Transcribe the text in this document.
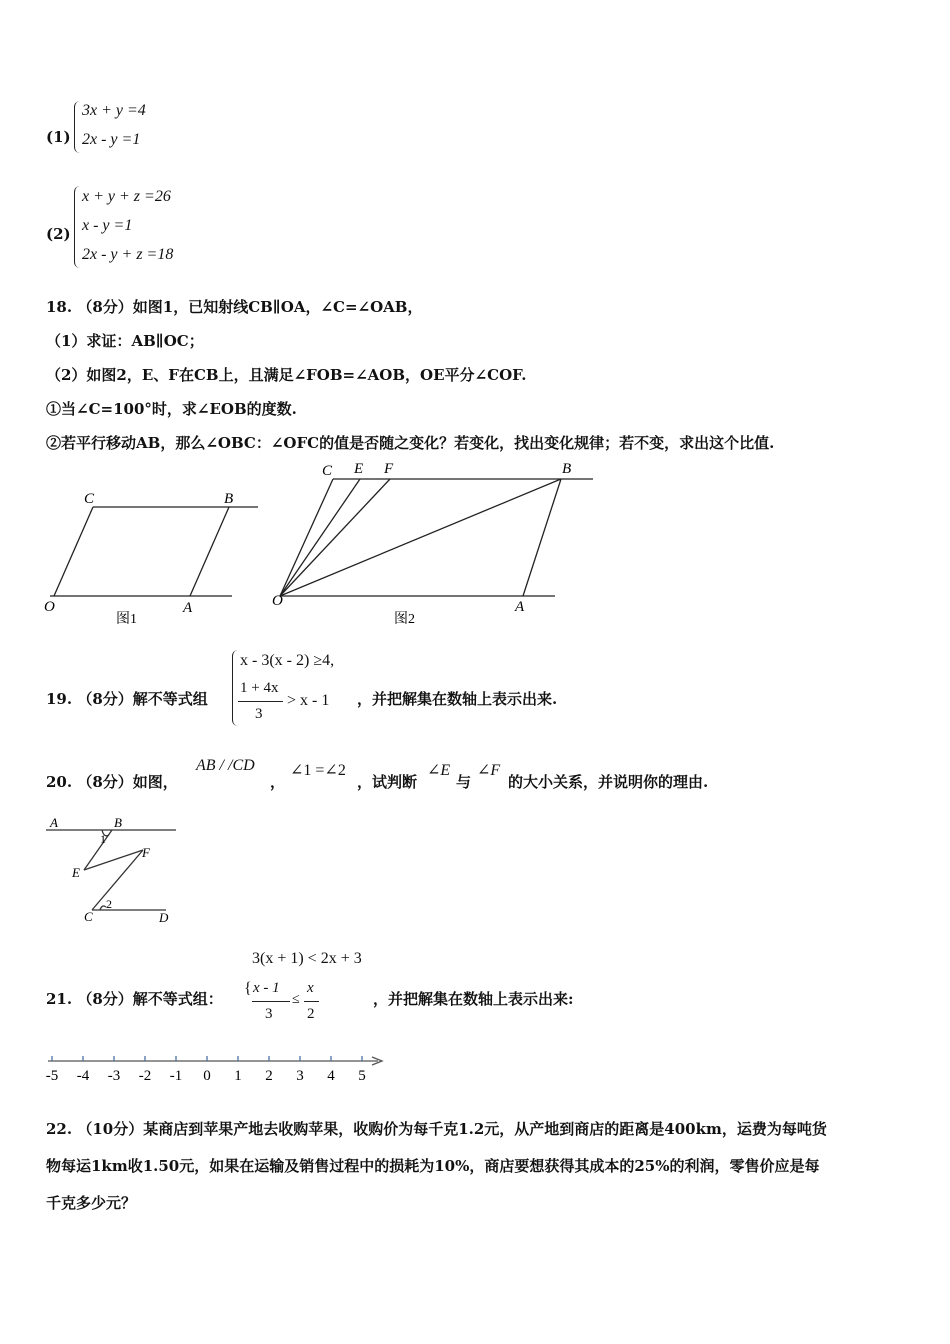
(1)
3x + y =4
2x - y =1
(2)
x + y + z =26
x - y =1
2x - y + z =18
18. （8分）如图1，已知射线CB∥OA，∠C=∠OAB，
（1）求证：AB∥OC；
（2）如图2，E、F在CB上，且满足∠FOB=∠AOB，OE平分∠COF.
①当∠C=100°时，求∠EOB的度数.
②若平行移动AB，那么∠OBC：∠OFC的值是否随之变化？若变化，找出变化规律；若不变，求出这个比值.
C	B
O	A
图1
C E F	B
O	A
图2
19. （8分）解不等式组
x - 3(x - 2) ≥4,
1 + 4x
3
> x - 1 ，并把解集在数轴上表示出来.
20. （8分）如图，
AB / /CD
，
∠1 =∠2
，试判断
∠E
与
∠F
的大小关系，并说明你的理由.
A	B
1
E
F
C
2
D
3(x + 1) < 2x + 3
21. （8分）解不等式组：
{ x - 1
3
≤
x
2
，并把解集在数轴上表示出来:
-5 -4 -3 -2 -1 0 1 2 3 4 5
22. （10分）某商店到苹果产地去收购苹果，收购价为每千克1.2元，从产地到商店的距离是400km，运费为每吨货
物每运1km收1.50元，如果在运输及销售过程中的损耗为10%，商店要想获得其成本的25%的利润，零售价应是每
千克多少元？
